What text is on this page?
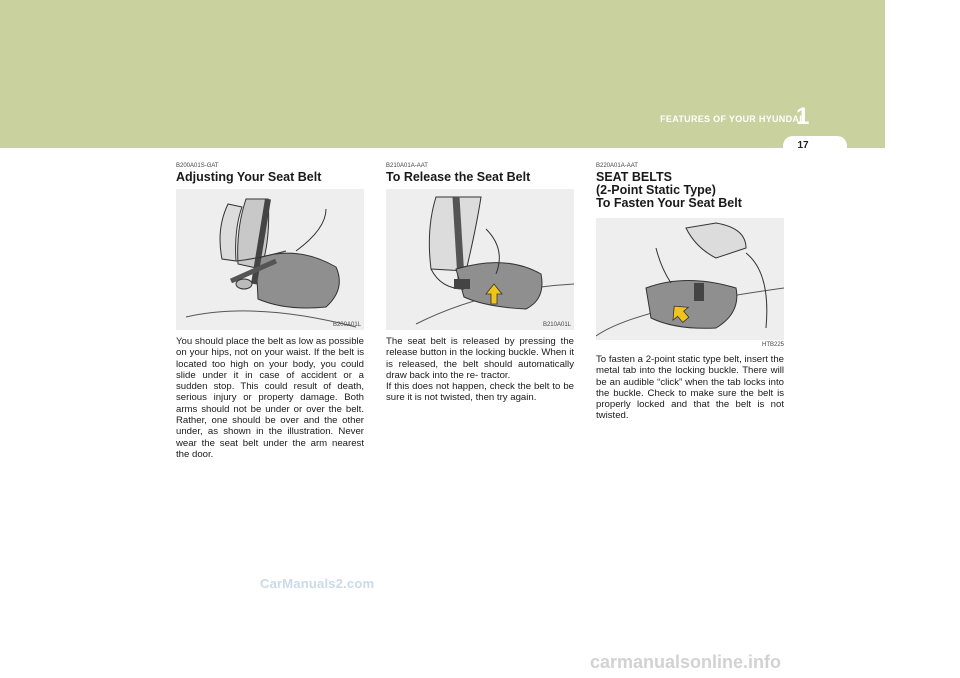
FEATURES OF YOUR HYUNDAI
1
17
B200A01S-GAT
Adjusting Your Seat Belt
B200A01L

You should place the belt as low as possible on your hips, not on your waist. If the belt is located too high on your body, you could slide under it in case of accident or a sudden stop. This could result of death, serious injury or property damage. Both arms should not be under or over the belt. Rather, one should be over and the other under, as shown in the illustration. Never wear the seat belt under the arm nearest the door.

B210A01A-AAT
To Release the Seat Belt
B210A01L

The seat belt is released by pressing the release button in the locking buckle. When it is released, the belt should automatically draw back into the re- tractor.

If this does not happen, check the belt to be sure it is not twisted, then try again.

B220A01A-AAT
SEAT BELTS
(2-Point Static Type)
To Fasten Your Seat Belt
HTB225

To fasten a 2-point static type belt, insert the metal tab into the locking buckle. There will be an audible “click” when the tab locks into the buckle. Check to make sure the belt is properly locked and that the belt is not twisted.

CarManuals2.com
carmanualsonline.info
